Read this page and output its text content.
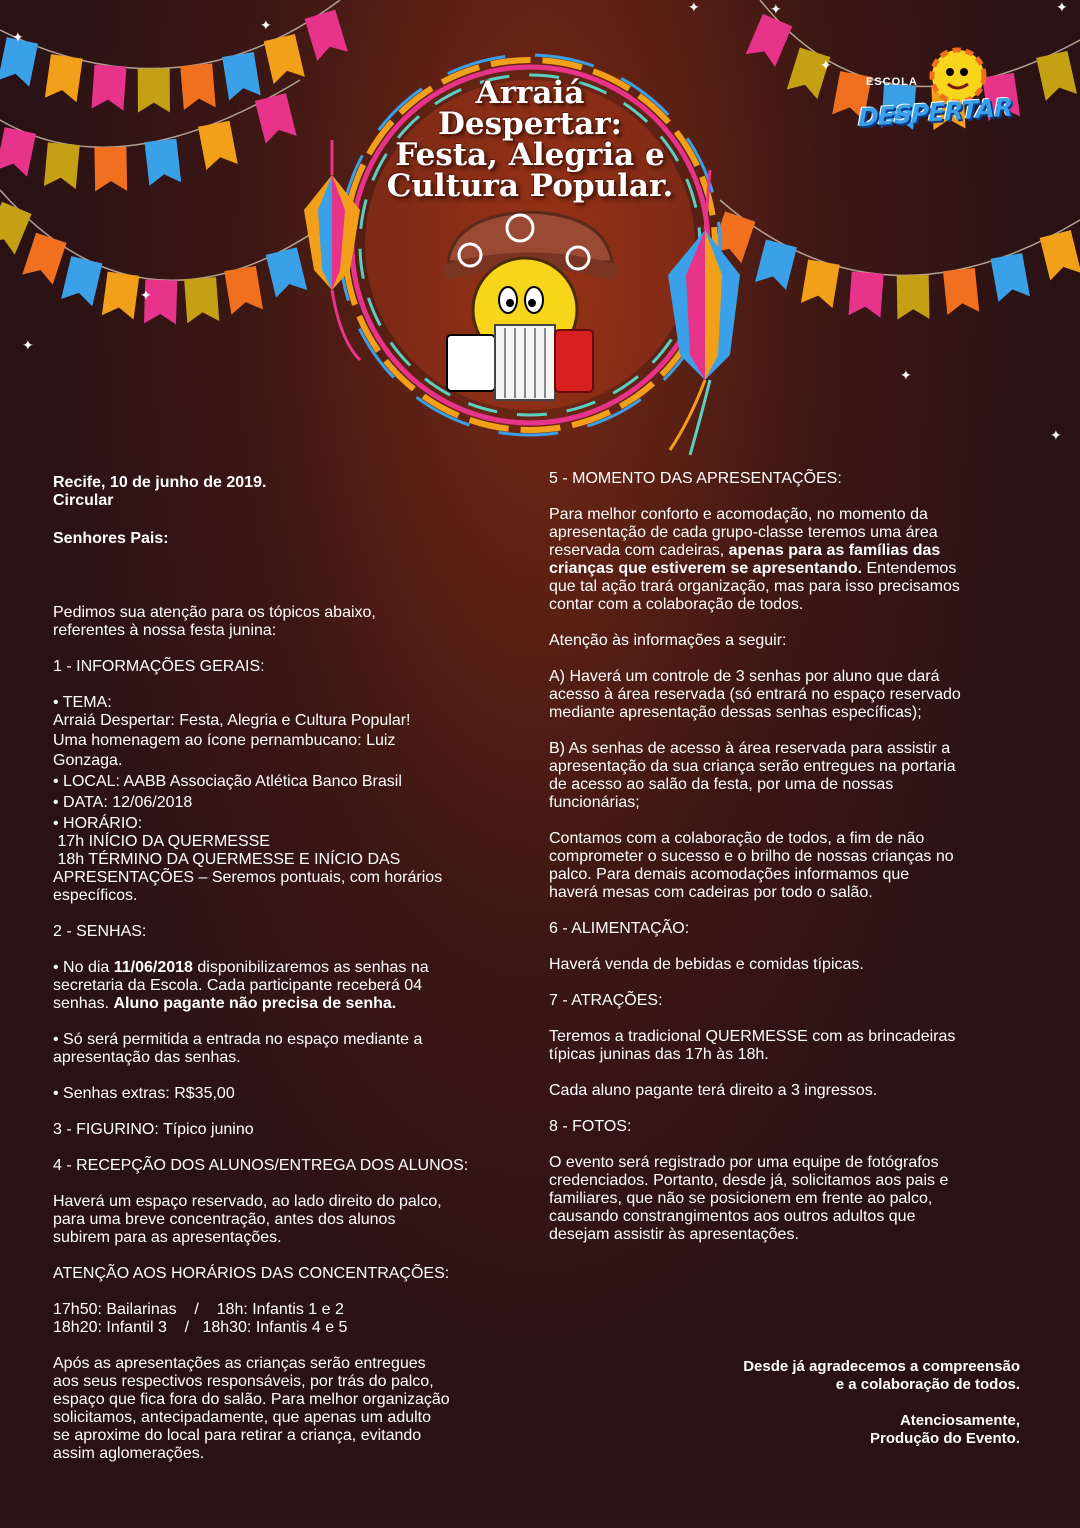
✦
✦	✦	✦
✦
✦
✦
✦
✦
✦
Arraiá
Despertar:
Festa, Alegria e
Cultura Popular.
ESCOLA
DESPERTAR

Recife, 10 de junho de 2019.

Circular

Senhores Pais:

Pedimos sua atenção para os tópicos abaixo,

referentes à nossa festa junina:

1 - INFORMAÇÕES GERAIS:

• TEMA:

Arraiá Despertar: Festa, Alegria e Cultura Popular!

Uma homenagem ao ícone pernambucano: Luiz

Gonzaga.

• LOCAL: AABB Associação Atlética Banco Brasil

• DATA: 12/06/2018

• HORÁRIO:

17h INÍCIO DA QUERMESSE

18h TÉRMINO DA QUERMESSE E INÍCIO DAS

APRESENTAÇÕES – Seremos pontuais, com horários

específicos.

2 - SENHAS:

• No dia 11/06/2018 disponibilizaremos as senhas na

secretaria da Escola. Cada participante receberá 04

senhas. Aluno pagante não precisa de senha.

• Só será permitida a entrada no espaço mediante a

apresentação das senhas.

• Senhas extras: R$35,00

3 - FIGURINO: Típico junino

4 - RECEPÇÃO DOS ALUNOS/ENTREGA DOS ALUNOS:

Haverá um espaço reservado, ao lado direito do palco,

para uma breve concentração, antes dos alunos

subirem para as apresentações.

ATENÇÃO AOS HORÁRIOS DAS CONCENTRAÇÕES:

17h50: Bailarinas    /    18h: Infantis 1 e 2

18h20: Infantil 3    /   18h30: Infantis 4 e 5

Após as apresentações as crianças serão entregues

aos seus respectivos responsáveis, por trás do palco,

espaço que fica fora do salão. Para melhor organização

solicitamos, antecipadamente, que apenas um adulto

se aproxime do local para retirar a criança, evitando

assim aglomerações.

5 - MOMENTO DAS APRESENTAÇÕES:

Para melhor conforto e acomodação, no momento da

apresentação de cada grupo-classe teremos uma área

reservada com cadeiras, apenas para as famílias das

crianças que estiverem se apresentando. Entendemos

que tal ação trará organização, mas para isso precisamos

contar com a colaboração de todos.

Atenção às informações a seguir:

A) Haverá um controle de 3 senhas por aluno que dará

acesso à área reservada (só entrará no espaço reservado

mediante apresentação dessas senhas específicas);

B) As senhas de acesso à área reservada para assistir a

apresentação da sua criança serão entregues na portaria

de acesso ao salão da festa, por uma de nossas

funcionárias;

Contamos com a colaboração de todos, a fim de não

comprometer o sucesso e o brilho de nossas crianças no

palco. Para demais acomodações informamos que

haverá mesas com cadeiras por todo o salão.

6 - ALIMENTAÇÃO:

Haverá venda de bebidas e comidas típicas.

7 - ATRAÇÕES:

Teremos a tradicional QUERMESSE com as brincadeiras

típicas juninas das 17h às 18h.

Cada aluno pagante terá direito a 3 ingressos.

8 - FOTOS:

O evento será registrado por uma equipe de fotógrafos

credenciados. Portanto, desde já, solicitamos aos pais e

familiares, que não se posicionem em frente ao palco,

causando constrangimentos aos outros adultos que

desejam assistir às apresentações.

Desde já agradecemos a compreensão

e a colaboração de todos.

Atenciosamente,

Produção do Evento.
